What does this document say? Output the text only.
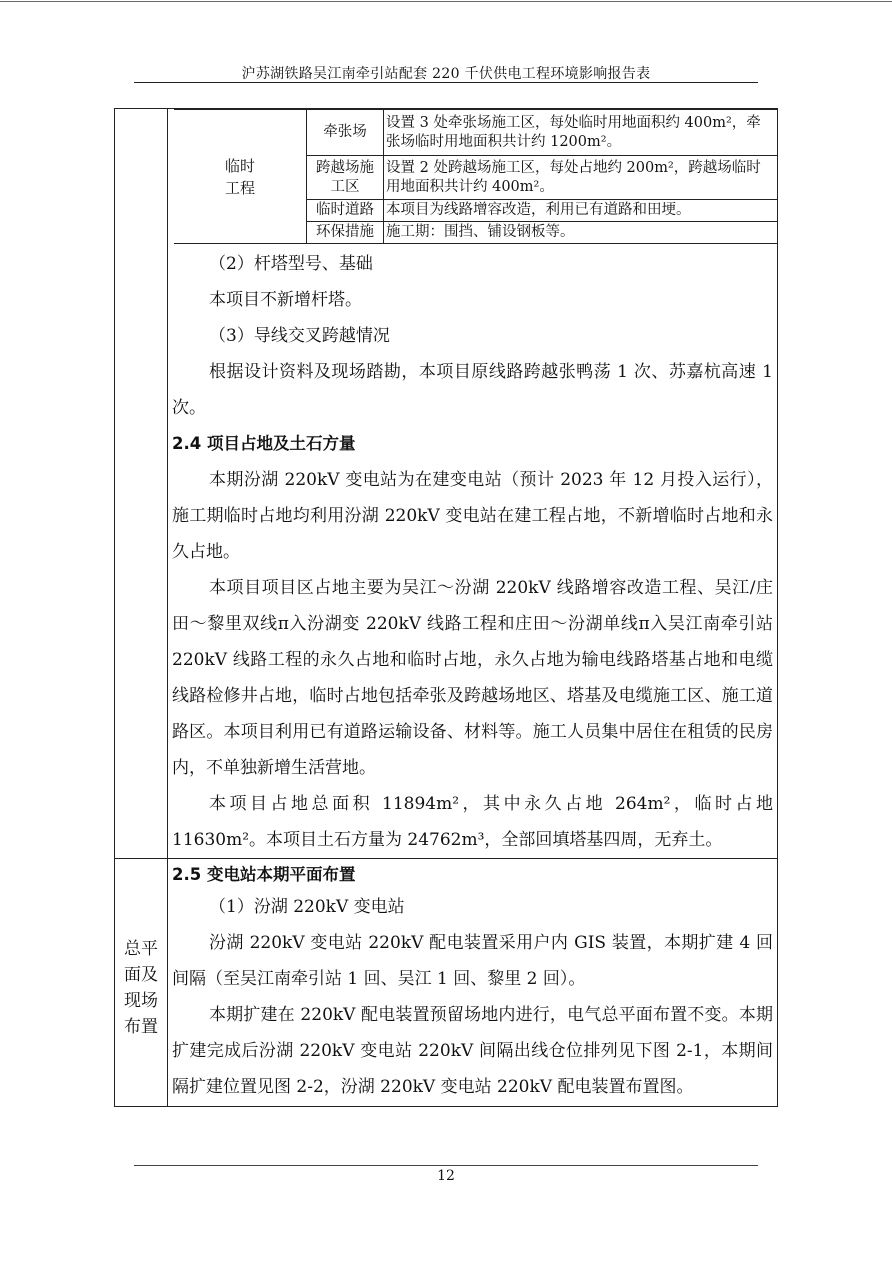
沪苏湖铁路吴江南牵引站配套 220 千伏供电工程环境影响报告表

临时工程	牵张场	设置 3 处牵张场施工区，每处临时用地面积约 400m²，牵张场临时用地面积共计约 1200m²。
跨越场施工区	设置 2 处跨越场施工区，每处占地约 200m²，跨越场临时用地面积共计约 400m²。
临时道路	本项目为线路增容改造，利用已有道路和田埂。
环保措施	施工期：围挡、铺设钢板等。

（2）杆塔型号、基础

本项目不新增杆塔。

（3）导线交叉跨越情况

根据设计资料及现场踏勘，本项目原线路跨越张鸭荡 1 次、苏嘉杭高速 1 次。

2.4 项目占地及土石方量

本期汾湖 220kV 变电站为在建变电站（预计 2023 年 12 月投入运行），施工期临时占地均利用汾湖 220kV 变电站在建工程占地，不新增临时占地和永久占地。

本项目项目区占地主要为吴江～汾湖 220kV 线路增容改造工程、吴江/庄田～黎里双线π入汾湖变 220kV 线路工程和庄田～汾湖单线π入吴江南牵引站 220kV 线路工程的永久占地和临时占地，永久占地为输电线路塔基占地和电缆线路检修井占地，临时占地包括牵张及跨越场地区、塔基及电缆施工区、施工道路区。本项目利用已有道路运输设备、材料等。施工人员集中居住在租赁的民房内，不单独新增生活营地。

本项目占地总面积 11894m²，其中永久占地 264m²，临时占地 11630m²。本项目土石方量为 24762m³，全部回填塔基四周，无弃土。

总平面及现场布置

2.5 变电站本期平面布置

（1）汾湖 220kV 变电站

汾湖 220kV 变电站 220kV 配电装置采用户内 GIS 装置，本期扩建 4 回间隔（至吴江南牵引站 1 回、吴江 1 回、黎里 2 回）。

本期扩建在 220kV 配电装置预留场地内进行，电气总平面布置不变。本期扩建完成后汾湖 220kV 变电站 220kV 间隔出线仓位排列见下图 2-1，本期间隔扩建位置见图 2-2，汾湖 220kV 变电站 220kV 配电装置布置图。

12
